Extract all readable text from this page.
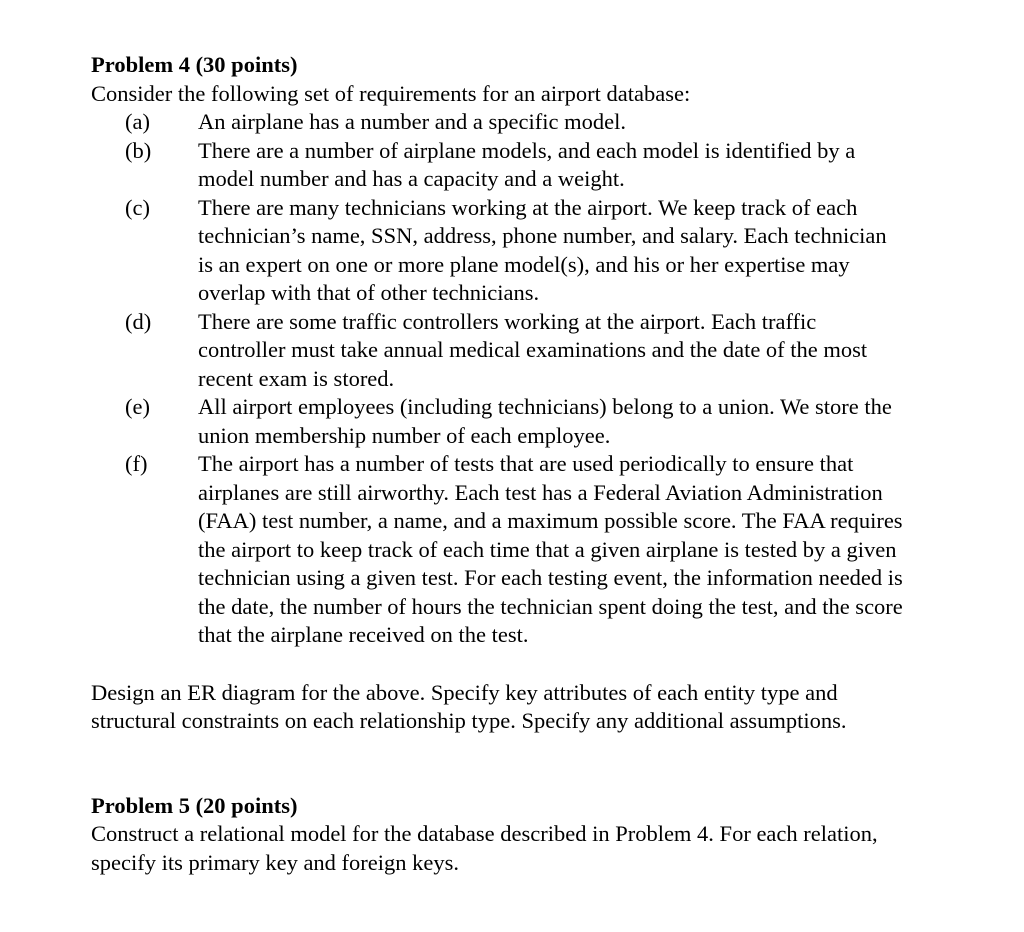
Problem 4 (30 points)

Consider the following set of requirements for an airport database:

(a)	An airplane has a number and a specific model.
(b)	There are a number of airplane models, and each model is identified by a
model number and has a capacity and a weight.
(c)	There are many technicians working at the airport. We keep track of each
technician’s name, SSN, address, phone number, and salary. Each technician
is an expert on one or more plane model(s), and his or her expertise may
overlap with that of other technicians.
(d)	There are some traffic controllers working at the airport. Each traffic
controller must take annual medical examinations and the date of the most
recent exam is stored.
(e)	All airport employees (including technicians) belong to a union. We store the
union membership number of each employee.
(f)	The airport has a number of tests that are used periodically to ensure that
airplanes are still airworthy. Each test has a Federal Aviation Administration
(FAA) test number, a name, and a maximum possible score. The FAA requires
the airport to keep track of each time that a given airplane is tested by a given
technician using a given test. For each testing event, the information needed is
the date, the number of hours the technician spent doing the test, and the score
that the airplane received on the test.

Design an ER diagram for the above. Specify key attributes of each entity type and

structural constraints on each relationship type. Specify any additional assumptions.

Problem 5 (20 points)

Construct a relational model for the database described in Problem 4. For each relation,

specify its primary key and foreign keys.
